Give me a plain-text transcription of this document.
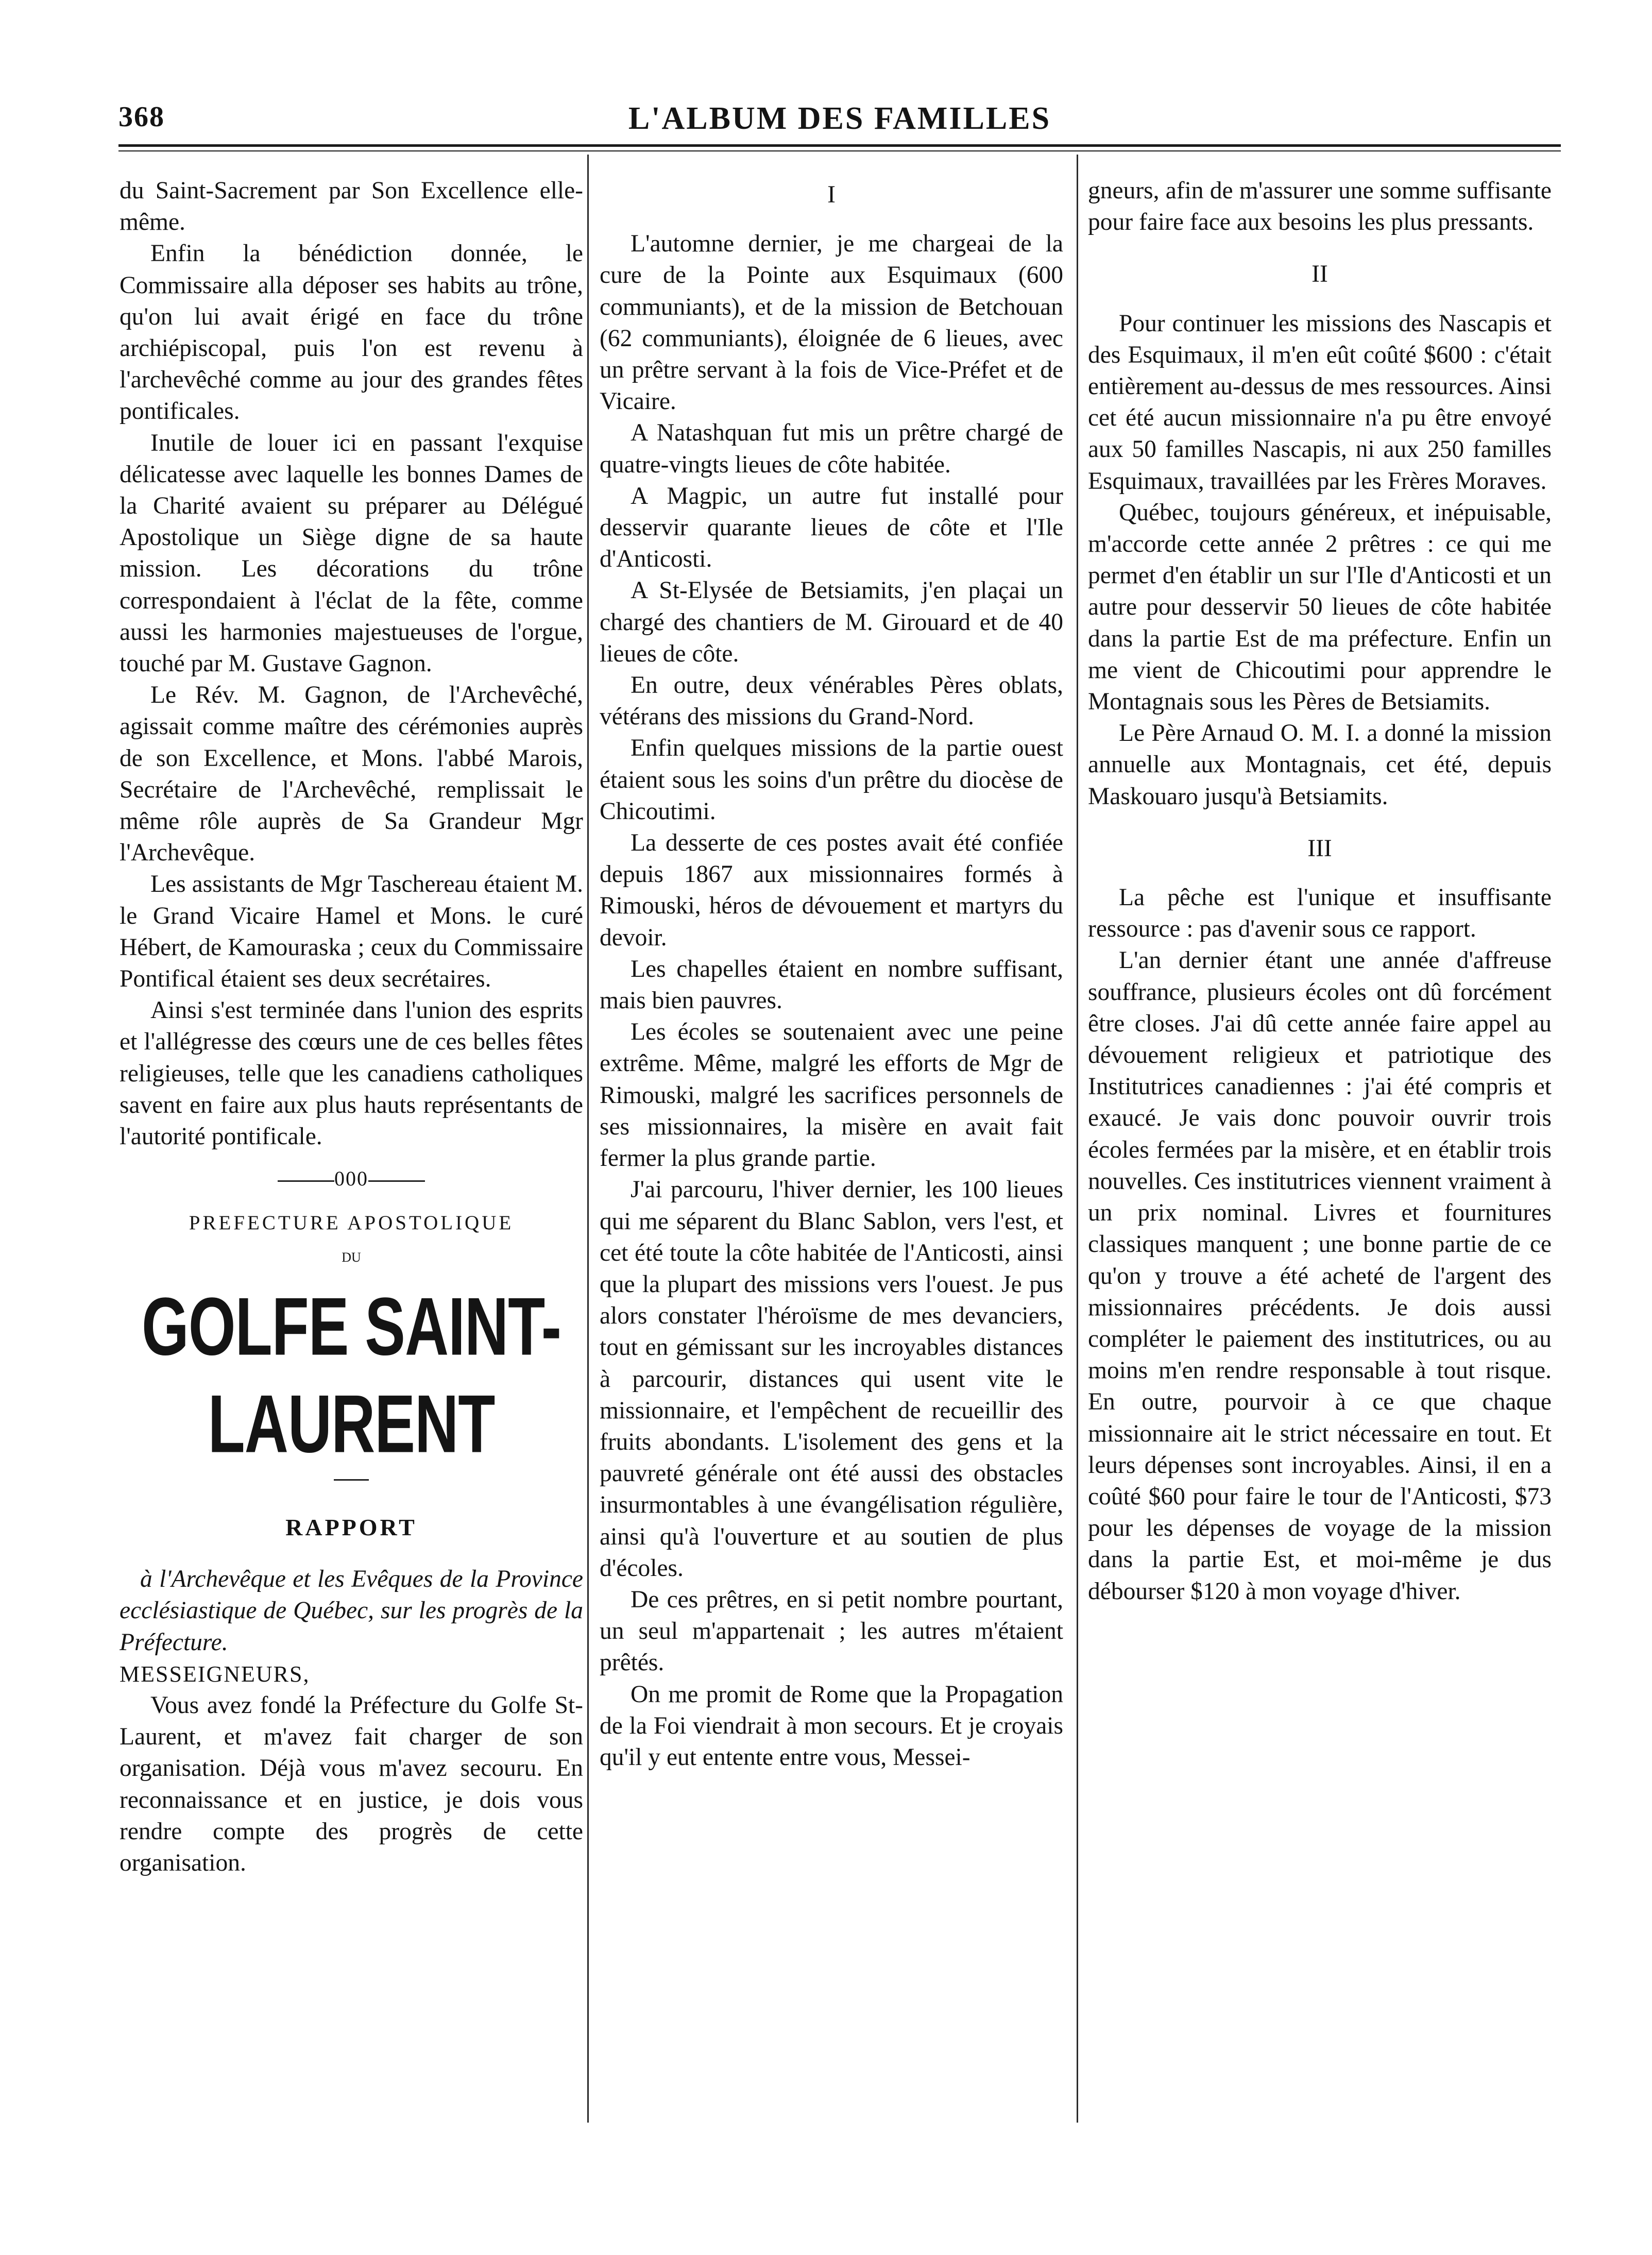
368	L'ALBUM DES FAMILLES

du Saint-Sacrement par Son Excellence elle-même.

Enfin la bénédiction donnée, le Commissaire alla déposer ses habits au trône, qu'on lui avait érigé en face du trône archiépiscopal, puis l'on est revenu à l'archevêché comme au jour des grandes fêtes pontificales.

Inutile de louer ici en passant l'exquise délicatesse avec laquelle les bonnes Dames de la Charité avaient su préparer au Délégué Apostolique un Siège digne de sa haute mission. Les décorations du trône correspondaient à l'éclat de la fête, comme aussi les harmonies majestueuses de l'orgue, touché par M. Gustave Gagnon.

Le Rév. M. Gagnon, de l'Archevêché, agissait comme maître des cérémonies auprès de son Excellence, et Mons. l'abbé Marois, Secrétaire de l'Archevêché, remplissait le même rôle auprès de Sa Grandeur Mgr l'Archevêque.

Les assistants de Mgr Taschereau étaient M. le Grand Vicaire Hamel et Mons. le curé Hébert, de Kamouraska ; ceux du Commissaire Pontifical étaient ses deux secrétaires.

Ainsi s'est terminée dans l'union des esprits et l'allégresse des cœurs une de ces belles fêtes religieuses, telle que les canadiens catholiques savent en faire aux plus hauts représentants de l'autorité pontificale.

000
PREFECTURE APOSTOLIQUE
DU
GOLFE SAINT-LAURENT
RAPPORT

à l'Archevêque et les Evêques de la Province ecclésiastique de Québec, sur les progrès de la Préfecture.

MESSEIGNEURS,

Vous avez fondé la Préfecture du Golfe St-Laurent, et m'avez fait charger de son organisation. Déjà vous m'avez secouru. En reconnaissance et en justice, je dois vous rendre compte des progrès de cette organisation.

I

L'automne dernier, je me chargeai de la cure de la Pointe aux Esquimaux (600 communiants), et de la mission de Betchouan (62 communiants), éloignée de 6 lieues, avec un prêtre servant à la fois de Vice-Préfet et de Vicaire.

A Natashquan fut mis un prêtre chargé de quatre-vingts lieues de côte habitée.

A Magpic, un autre fut installé pour desservir quarante lieues de côte et l'Ile d'Anticosti.

A St-Elysée de Betsiamits, j'en plaçai un chargé des chantiers de M. Girouard et de 40 lieues de côte.

En outre, deux vénérables Pères oblats, vétérans des missions du Grand-Nord.

Enfin quelques missions de la partie ouest étaient sous les soins d'un prêtre du diocèse de Chicoutimi.

La desserte de ces postes avait été confiée depuis 1867 aux missionnaires formés à Rimouski, héros de dévouement et martyrs du devoir.

Les chapelles étaient en nombre suffisant, mais bien pauvres.

Les écoles se soutenaient avec une peine extrême. Même, malgré les efforts de Mgr de Rimouski, malgré les sacrifices personnels de ses missionnaires, la misère en avait fait fermer la plus grande partie.

J'ai parcouru, l'hiver dernier, les 100 lieues qui me séparent du Blanc Sablon, vers l'est, et cet été toute la côte habitée de l'Anticosti, ainsi que la plupart des missions vers l'ouest. Je pus alors constater l'héroïsme de mes devanciers, tout en gémissant sur les incroyables distances à parcourir, distances qui usent vite le missionnaire, et l'empêchent de recueillir des fruits abondants. L'isolement des gens et la pauvreté générale ont été aussi des obstacles insurmontables à une évangélisation régulière, ainsi qu'à l'ouverture et au soutien de plus d'écoles.

De ces prêtres, en si petit nombre pourtant, un seul m'appartenait ; les autres m'étaient prêtés.

On me promit de Rome que la Propagation de la Foi viendrait à mon secours. Et je croyais qu'il y eut entente entre vous, Messei-

gneurs, afin de m'assurer une somme suffisante pour faire face aux besoins les plus pressants.

II

Pour continuer les missions des Nascapis et des Esquimaux, il m'en eût coûté $600 : c'était entièrement au-dessus de mes ressources. Ainsi cet été aucun missionnaire n'a pu être envoyé aux 50 familles Nascapis, ni aux 250 familles Esquimaux, travaillées par les Frères Moraves.

Québec, toujours généreux, et inépuisable, m'accorde cette année 2 prêtres : ce qui me permet d'en établir un sur l'Ile d'Anticosti et un autre pour desservir 50 lieues de côte habitée dans la partie Est de ma préfecture. Enfin un me vient de Chicoutimi pour apprendre le Montagnais sous les Pères de Betsiamits.

Le Père Arnaud O. M. I. a donné la mission annuelle aux Montagnais, cet été, depuis Maskouaro jusqu'à Betsiamits.

III

La pêche est l'unique et insuffisante ressource : pas d'avenir sous ce rapport.

L'an dernier étant une année d'affreuse souffrance, plusieurs écoles ont dû forcément être closes. J'ai dû cette année faire appel au dévouement religieux et patriotique des Institutrices canadiennes : j'ai été compris et exaucé. Je vais donc pouvoir ouvrir trois écoles fermées par la misère, et en établir trois nouvelles. Ces institutrices viennent vraiment à un prix nominal. Livres et fournitures classiques manquent ; une bonne partie de ce qu'on y trouve a été acheté de l'argent des missionnaires précédents. Je dois aussi compléter le paiement des institutrices, ou au moins m'en rendre responsable à tout risque. En outre, pourvoir à ce que chaque missionnaire ait le strict nécessaire en tout. Et leurs dépenses sont incroyables. Ainsi, il en a coûté $60 pour faire le tour de l'Anticosti, $73 pour les dépenses de voyage de la mission dans la partie Est, et moi-même je dus débourser $120 à mon voyage d'hiver.
